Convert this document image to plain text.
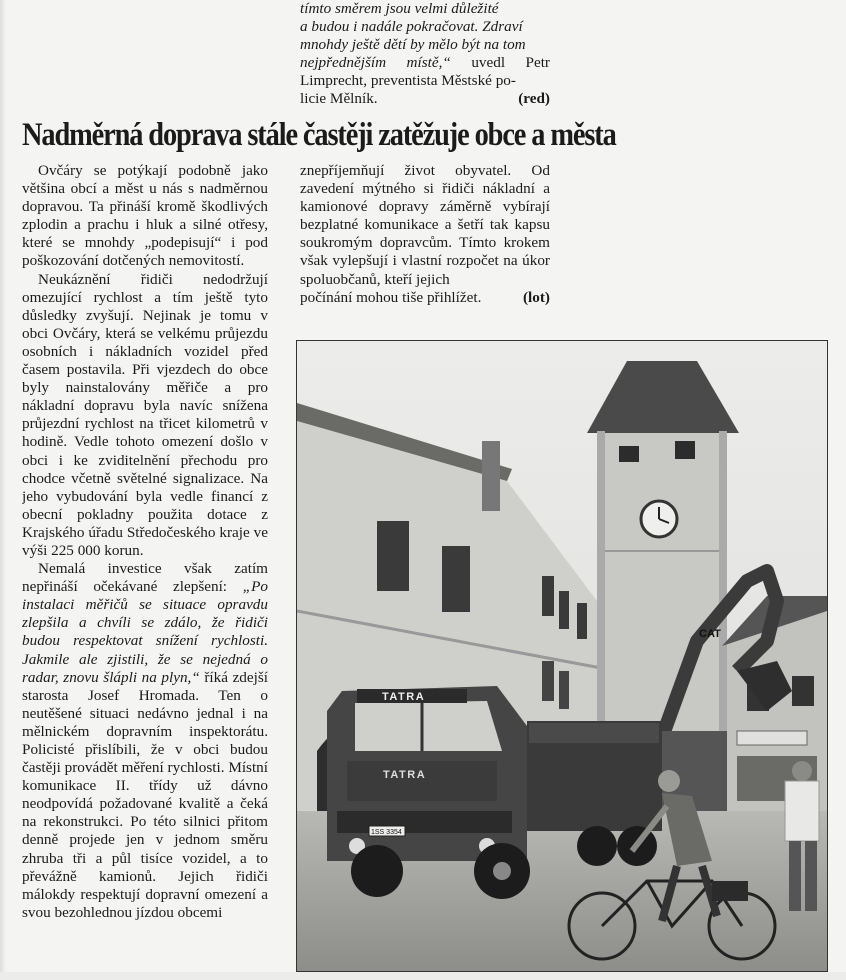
tímto směrem jsou velmi důležité
a budou i nadále pokračovat. Zdraví
mnohdy ještě dětí by mělo být na tom
nejpřednějším místě,“ uvedl Petr
Limprecht, preventista Městské po-
licie Mělník.	(red)
Nadměrná doprava stále častěji zatěžuje obce a města

Ovčáry se potýkají podobně jako většina obcí a měst u nás s nadměrnou dopravou. Ta přináší kromě škodlivých zplodin a prachu i hluk a silné otřesy, které se mnohdy „podepisují“ i pod poškozování dotčených nemovitostí.

Neukáznění řidiči nedodržují omezující rychlost a tím ještě tyto důsledky zvyšují. Nejinak je tomu v obci Ovčáry, která se velkému průjezdu osobních i nákladních vozidel před časem postavila. Při vjezdech do obce byly nainstalovány měřiče a pro nákladní dopravu byla navíc snížena průjezdní rychlost na třicet kilometrů v hodině. Vedle tohoto omezení došlo v obci i ke zviditelnění přechodu pro chodce včetně světelné signalizace. Na jeho vybudování byla vedle financí z obecní pokladny použita dotace z Krajského úřadu Středočeského kraje ve výši 225 000 korun.

Nemalá investice však zatím nepřináší očekávané zlepšení: „Po instalaci měřičů se situace opravdu zlepšila a chvíli se zdálo, že řidiči budou respektovat snížení rychlosti. Jakmile ale zjistili, že se nejedná o radar, znovu šlápli na plyn,“ říká zdejší starosta Josef Hromada. Ten o neutěšené situaci nedávno jednal i na mělnickém dopravním inspektorátu. Policisté přislíbili, že v obci budou častěji provádět měření rychlosti. Místní komunikace II. třídy už dávno neodpovídá požadované kvalitě a čeká na rekonstrukci. Po této silnici přitom denně projede jen v jednom směru zhruba tři a půl tisíce vozidel, a to převážně kamionů. Jejich řidiči málokdy respektují dopravní omezení a svou bezohlednou jízdou obcemi

znepříjemňují život obyvatel. Od zavedení mýtného si řidiči nákladní a kamionové dopravy záměrně vybírají bezplatné komunikace a šetří tak kapsu soukromým dopravcům. Tímto krokem však vylepšují i vlastní rozpočet na úkor spoluobčanů, kteří jejich

počínání mohou tiše přihlížet.	(lot)
CAT
TATRA
TATRA
1SS 3354
